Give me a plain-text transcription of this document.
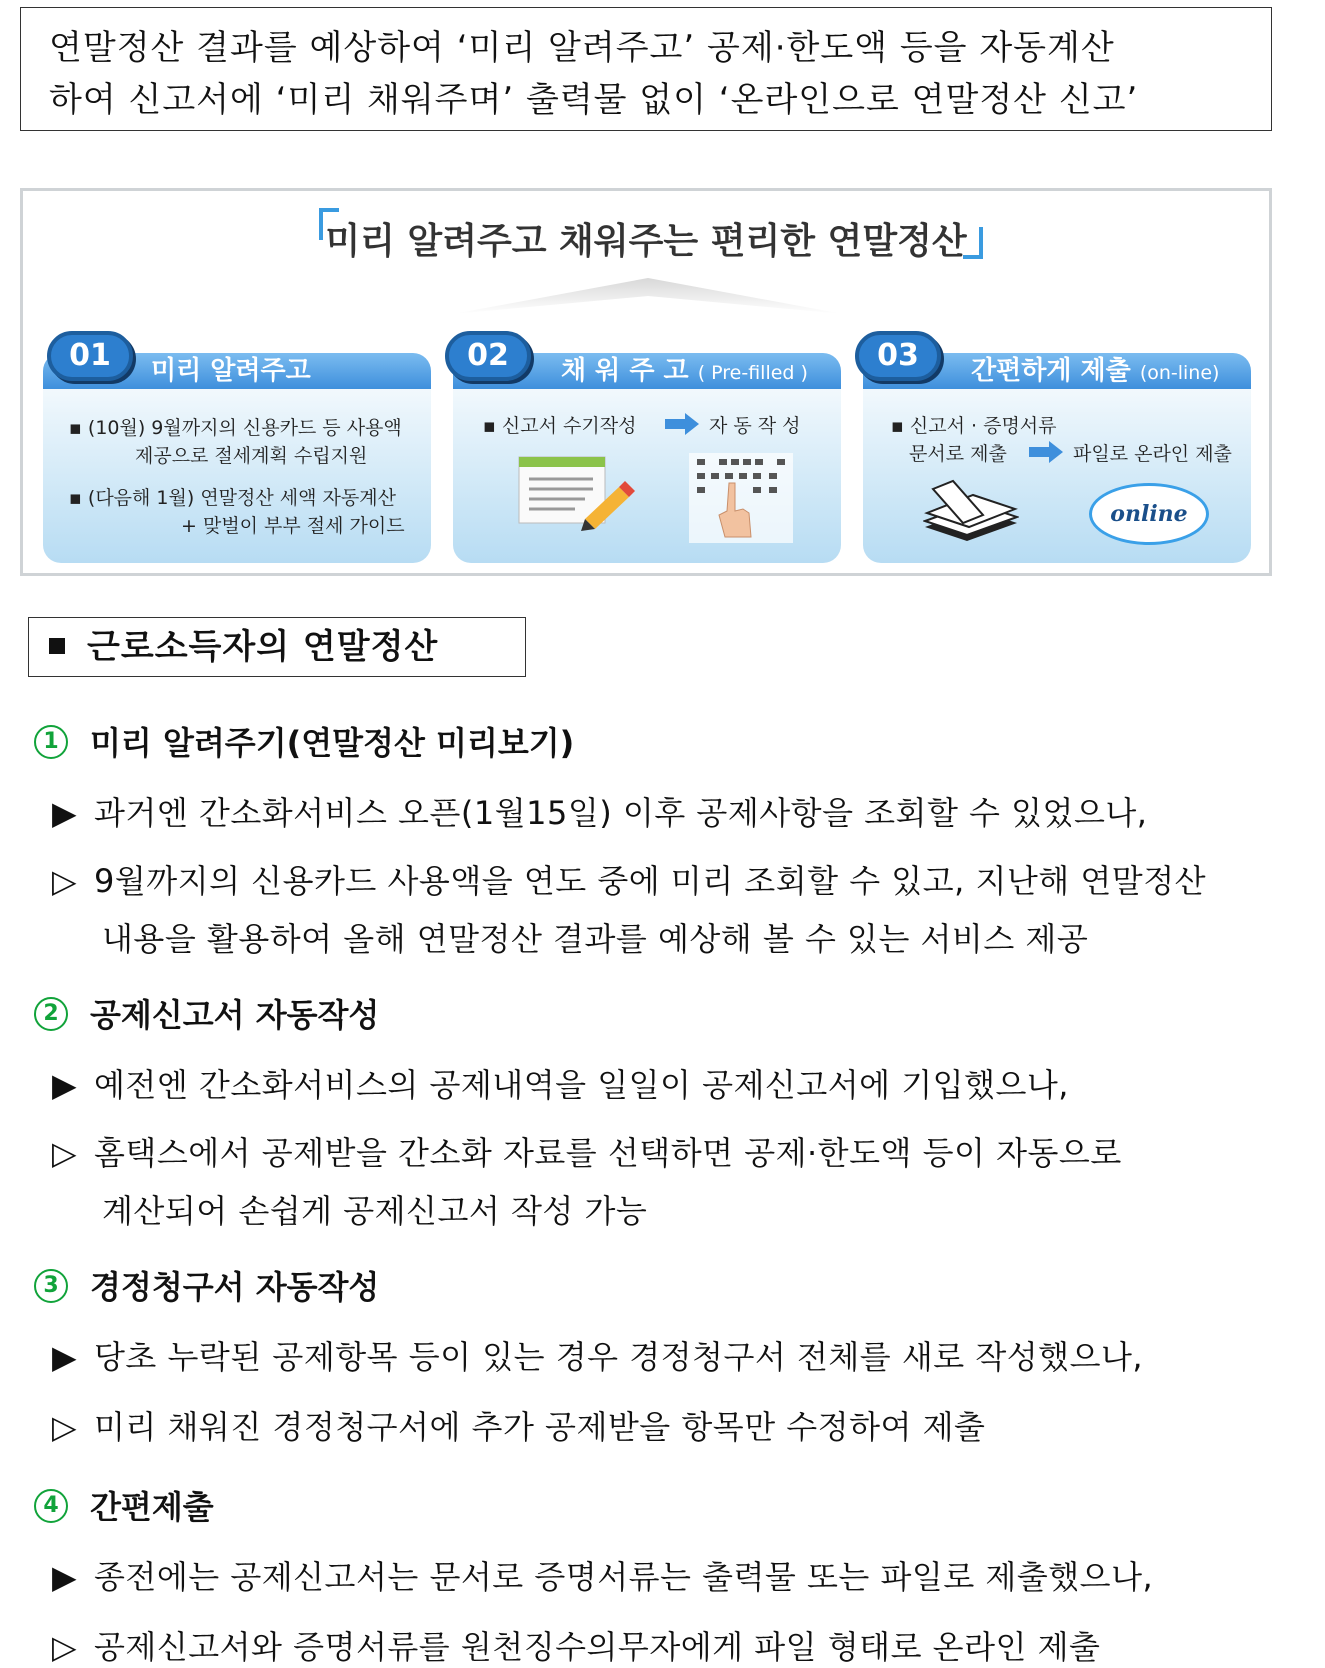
연말정산 결과를 예상하여 ‘미리 알려주고’ 공제·한도액 등을 자동계산

하여 신고서에 ‘미리 채워주며’ 출력물 없이 ‘온라인으로 연말정산 신고’

미리 알려주고 채워주는 편리한 연말정산
미리 알려주고
▪ (10월) 9월까지의 신용카드 등 사용액
제공으로 절세계획 수립지원
▪ (다음해 1월) 연말정산 세액 자동계산
+ 맞벌이 부부 절세 가이드
채 워 주 고 ( Pre-filled )
▪ 신고서 수기작성	자 동 작 성
간편하게 제출 (on-line)
▪ 신고서 · 증명서류
문서로 제출	파일로 온라인 제출
online
01	02	03
근로소득자의 연말정산
1 미리 알려주기(연말정산 미리보기)
▶ 과거엔 간소화서비스 오픈(1월15일) 이후 공제사항을 조회할 수 있었으나,
▷ 9월까지의 신용카드 사용액을 연도 중에 미리 조회할 수 있고, 지난해 연말정산
내용을 활용하여 올해 연말정산 결과를 예상해 볼 수 있는 서비스 제공
2 공제신고서 자동작성
▶ 예전엔 간소화서비스의 공제내역을 일일이 공제신고서에 기입했으나,
▷ 홈택스에서 공제받을 간소화 자료를 선택하면 공제·한도액 등이 자동으로
계산되어 손쉽게 공제신고서 작성 가능
3 경정청구서 자동작성
▶ 당초 누락된 공제항목 등이 있는 경우 경정청구서 전체를 새로 작성했으나,
▷ 미리 채워진 경정청구서에 추가 공제받을 항목만 수정하여 제출
4 간편제출
▶ 종전에는 공제신고서는 문서로 증명서류는 출력물 또는 파일로 제출했으나,
▷ 공제신고서와 증명서류를 원천징수의무자에게 파일 형태로 온라인 제출
